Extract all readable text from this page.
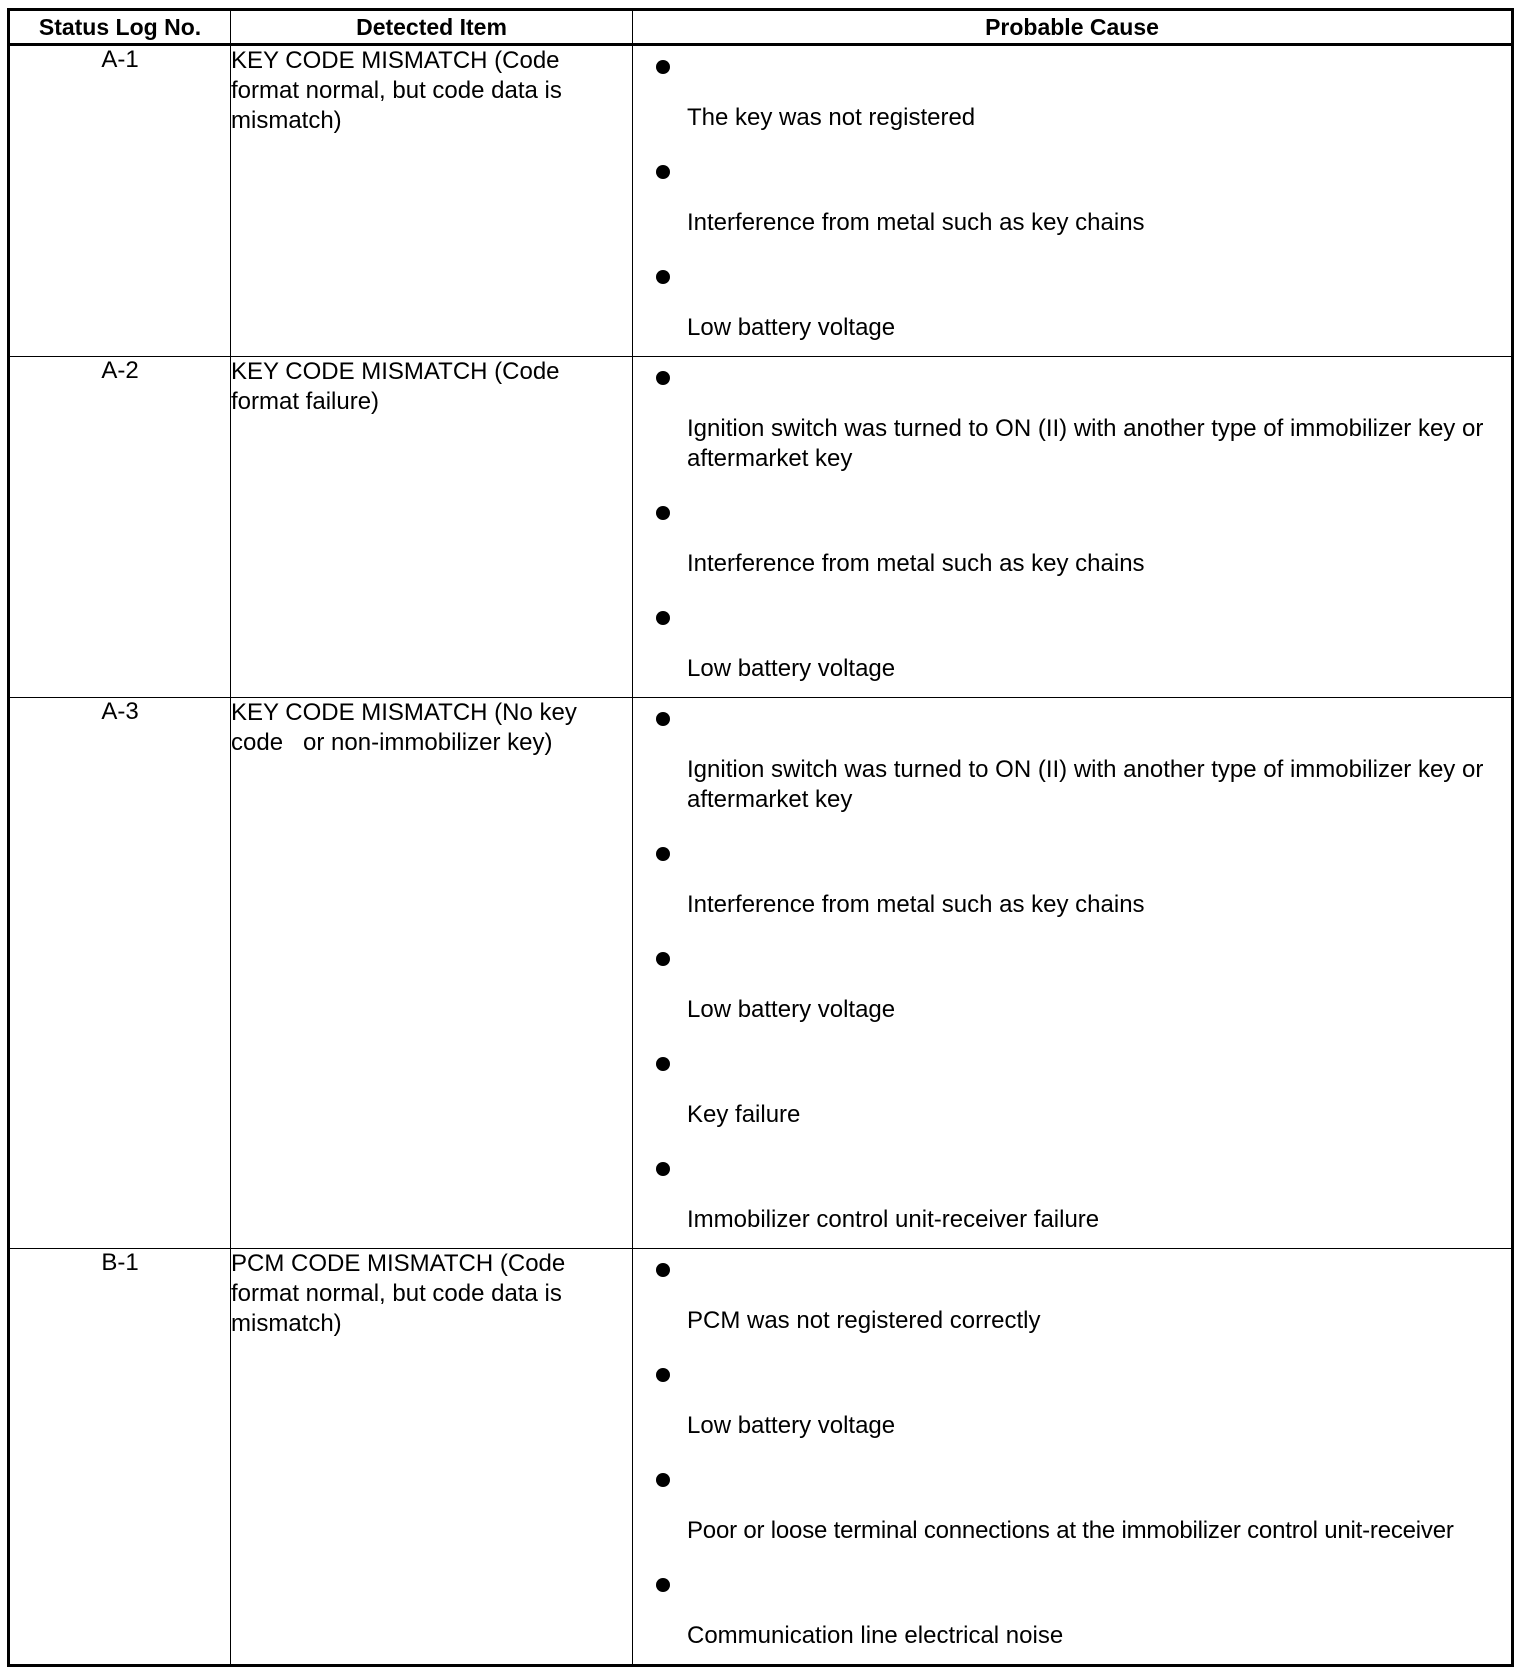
Status Log No.	Detected Item	Probable Cause
A-1	KEY CODE MISMATCH (Code format normal, but code data is mismatch)	The key was not registered
Interference from metal such as key chains
Low battery voltage

A-2	KEY CODE MISMATCH (Code format failure)	Ignition switch was turned to ON (II) with another type of immobilizer key or aftermarket key
Interference from metal such as key chains
Low battery voltage

A-3	KEY CODE MISMATCH (No key code   or non-immobilizer key)	Ignition switch was turned to ON (II) with another type of immobilizer key or aftermarket key
Interference from metal such as key chains
Low battery voltage
Key failure
Immobilizer control unit-receiver failure

B-1	PCM CODE MISMATCH (Code format normal, but code data is mismatch)	PCM was not registered correctly
Low battery voltage
Poor or loose terminal connections at the immobilizer control unit-receiver
Communication line electrical noise
